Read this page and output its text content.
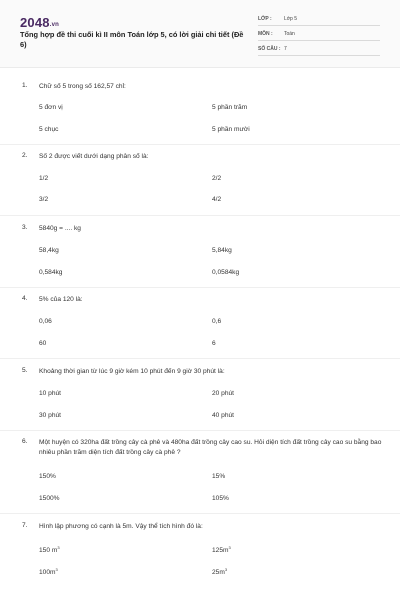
2048.vn
Tổng hợp đề thi cuối kì II môn Toán lớp 5, có lời giải chi tiết (Đề 6)
LỚP : Lớp 5
MÔN : Toán
SỐ CÂU : 7
1. Chữ số 5 trong số 162,57 chỉ:
5 đơn vị	5 phần trăm
5 chục	5 phần mười
2. Số 2 được viết dưới dạng phân số là:
1/2	2/2
3/2	4/2
3. 5840g = .... kg
58,4kg	5,84kg
0,584kg	0,0584kg
4. 5% của 120 là:
0,06	0,6
60	6
5. Khoảng thời gian từ lúc 9 giờ kém 10 phút đến 9 giờ 30 phút là:
10 phút	20 phút
30 phút	40 phút
6. Một huyện có 320ha đất trồng cây cà phê và 480ha đất trồng cây cao su. Hỏi diện tích đất trồng cây cao su bằng bao nhiêu phần trăm diện tích đất trồng cây cà phê ?
150%	15%
1500%	105%
7. Hình lập phương có cạnh là 5m. Vậy thể tích hình đó là:
150 $m^3$	$125m^3$
$100m^3$	$25m^3$
